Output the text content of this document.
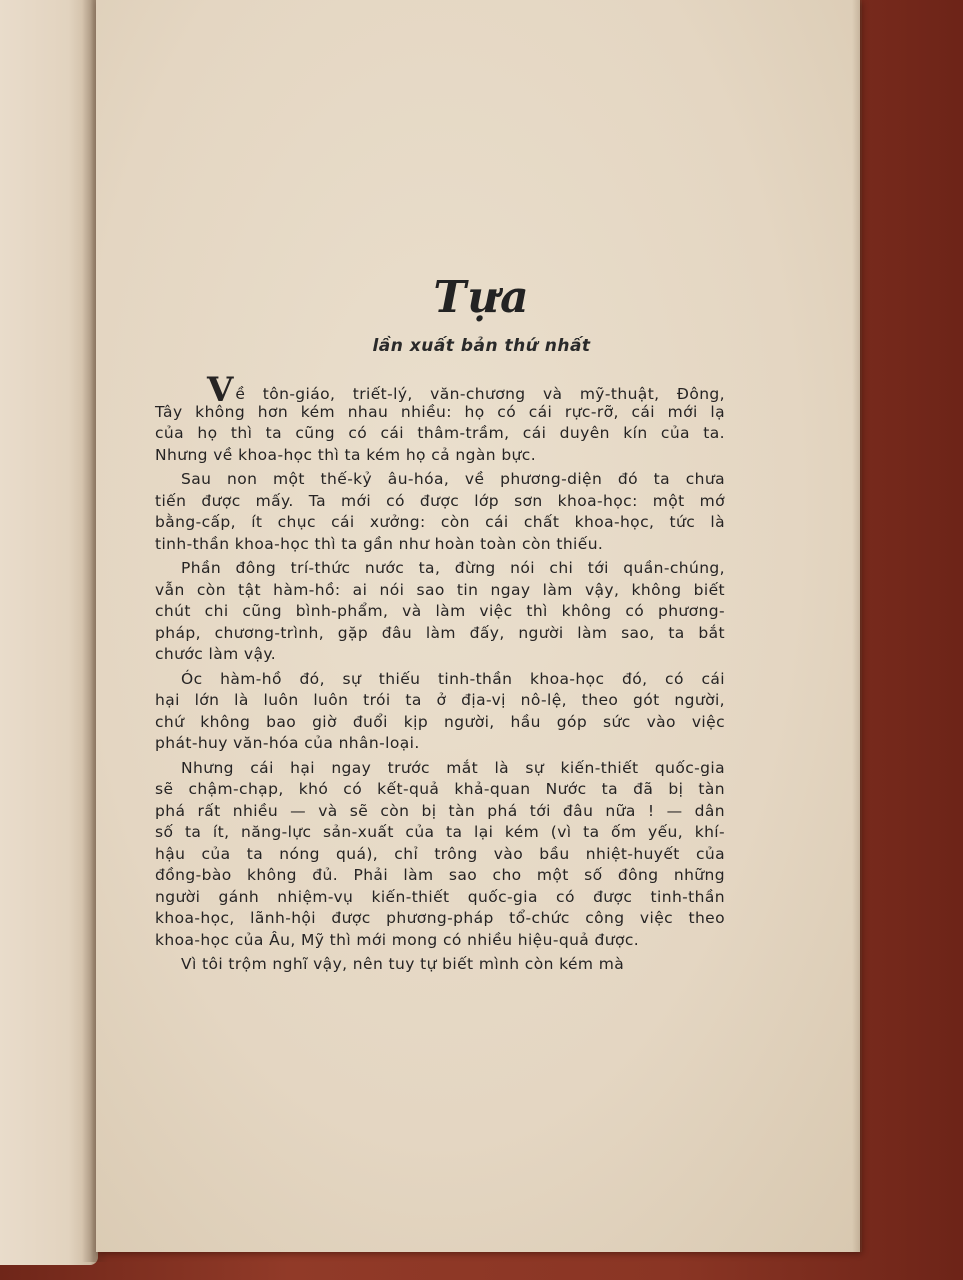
Tựa
lần xuất bản thứ nhất
Về tôn-giáo, triết-lý, văn-chương và mỹ-thuật, Đông,
Tây không hơn kém nhau nhiều: họ có cái rực-rỡ, cái mới lạ
của họ thì ta cũng có cái thâm-trầm, cái duyên kín của ta.
Nhưng về khoa-học thì ta kém họ cả ngàn bực.
Sau non một thế-kỷ âu-hóa, về phương-diện đó ta chưa
tiến được mấy. Ta mới có được lớp sơn khoa-học: một mớ
bằng-cấp, ít chục cái xưởng: còn cái chất khoa-học, tức là
tinh-thần khoa-học thì ta gần như hoàn toàn còn thiếu.
Phần đông trí-thức nước ta, đừng nói chi tới quần-chúng,
vẫn còn tật hàm-hồ: ai nói sao tin ngay làm vậy, không biết
chút chi cũng bình-phẩm, và làm việc thì không có phương-
pháp, chương-trình, gặp đâu làm đấy, người làm sao, ta bắt
chước làm vậy.
Óc hàm-hồ đó, sự thiếu tinh-thần khoa-học đó, có cái
hại lớn là luôn luôn trói ta ở địa-vị nô-lệ, theo gót người,
chứ không bao giờ đuổi kịp người, hầu góp sức vào việc
phát-huy văn-hóa của nhân-loại.
Nhưng cái hại ngay trước mắt là sự kiến-thiết quốc-gia
sẽ chậm-chạp, khó có kết-quả khả-quan Nước ta đã bị tàn
phá rất nhiều — và sẽ còn bị tàn phá tới đâu nữa ! — dân
số ta ít, năng-lực sản-xuất của ta lại kém (vì ta ốm yếu, khí-
hậu của ta nóng quá), chỉ trông vào bầu nhiệt-huyết của
đồng-bào không đủ. Phải làm sao cho một số đông những
người gánh nhiệm-vụ kiến-thiết quốc-gia có được tinh-thần
khoa-học, lãnh-hội được phương-pháp tổ-chức công việc theo
khoa-học của Âu, Mỹ thì mới mong có nhiều hiệu-quả được.
Vì tôi trộm nghĩ vậy, nên tuy tự biết mình còn kém mà
